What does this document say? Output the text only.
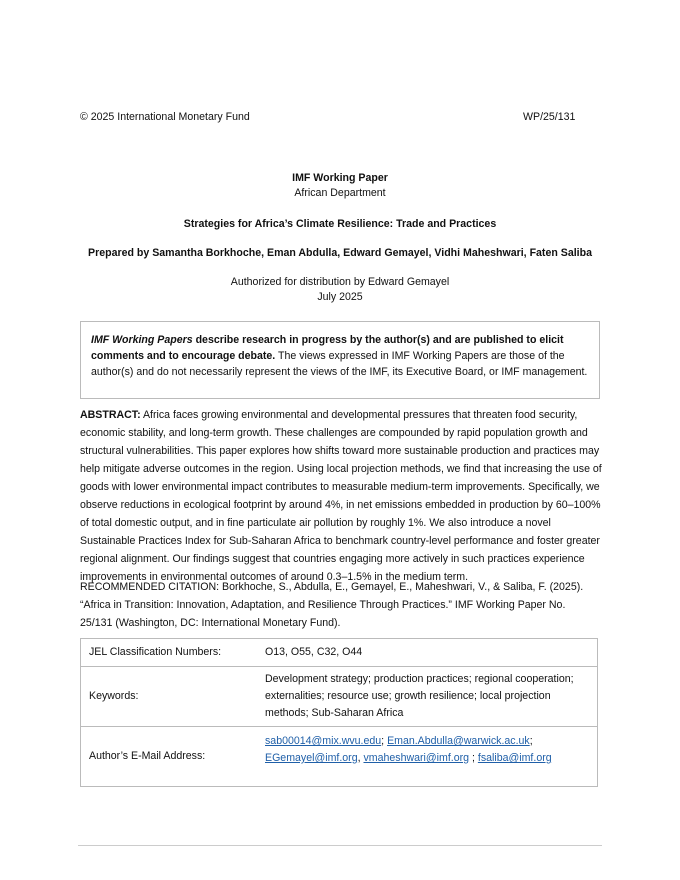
© 2025 International Monetary Fund	WP/25/131
IMF Working Paper
African Department
Strategies for Africa’s Climate Resilience: Trade and Practices
Prepared by Samantha Borkhoche, Eman Abdulla, Edward Gemayel, Vidhi Maheshwari, Faten Saliba
Authorized for distribution by Edward Gemayel
July 2025
IMF Working Papers describe research in progress by the author(s) and are published to elicit comments and to encourage debate. The views expressed in IMF Working Papers are those of the author(s) and do not necessarily represent the views of the IMF, its Executive Board, or IMF management.
ABSTRACT: Africa faces growing environmental and developmental pressures that threaten food security, economic stability, and long-term growth. These challenges are compounded by rapid population growth and structural vulnerabilities. This paper explores how shifts toward more sustainable production and practices may help mitigate adverse outcomes in the region. Using local projection methods, we find that increasing the use of goods with lower environmental impact contributes to measurable medium-term improvements. Specifically, we observe reductions in ecological footprint by around 4%, in net emissions embedded in production by 60–100% of total domestic output, and in fine particulate air pollution by roughly 1%. We also introduce a novel Sustainable Practices Index for Sub-Saharan Africa to benchmark country-level performance and foster greater regional alignment. Our findings suggest that countries engaging more actively in such practices experience improvements in environmental outcomes of around 0.3–1.5% in the medium term.
RECOMMENDED CITATION: Borkhoche, S., Abdulla, E., Gemayel, E., Maheshwari, V., & Saliba, F. (2025). “Africa in Transition: Innovation, Adaptation, and Resilience Through Practices.” IMF Working Paper No. 25/131 (Washington, DC: International Monetary Fund).
JEL Classification Numbers:	O13, O55, C32, O44
Keywords:	Development strategy; production practices; regional cooperation; externalities; resource use; growth resilience; local projection methods; Sub-Saharan Africa
Author’s E-Mail Address:	sab00014@mix.wvu.edu; Eman.Abdulla@warwick.ac.uk;
EGemayel@imf.org, vmaheshwari@imf.org ; fsaliba@imf.org
